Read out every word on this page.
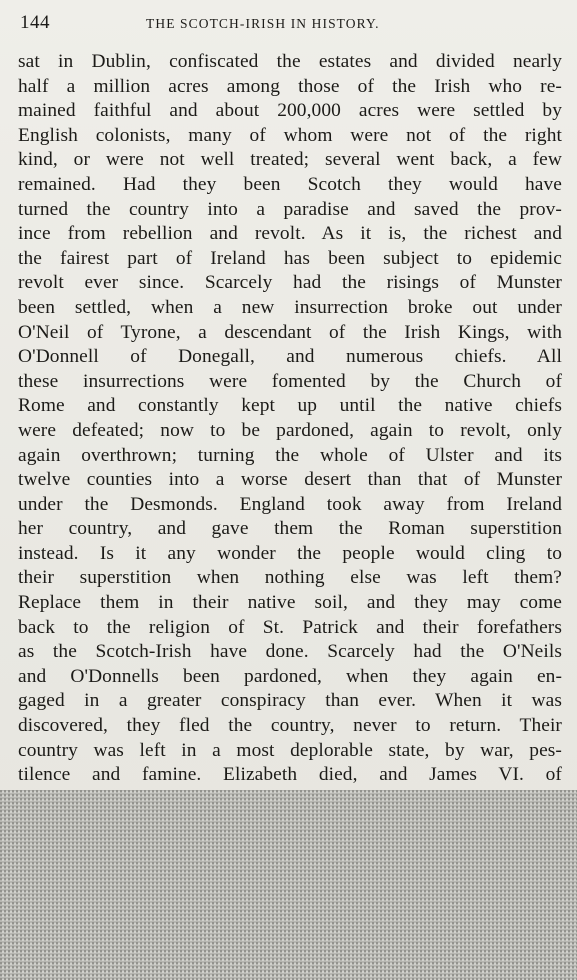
144	THE SCOTCH-IRISH IN HISTORY.
sat in Dublin, confiscated the estates and divided nearly
half a million acres among those of the Irish who re-
mained faithful and about 200,000 acres were settled by
English colonists, many of whom were not of the right
kind, or were not well treated; several went back, a few
remained. Had they been Scotch they would have
turned the country into a paradise and saved the prov-
ince from rebellion and revolt. As it is, the richest and
the fairest part of Ireland has been subject to epidemic
revolt ever since. Scarcely had the risings of Munster
been settled, when a new insurrection broke out under
O'Neil of Tyrone, a descendant of the Irish Kings, with
O'Donnell of Donegall, and numerous chiefs. All
these insurrections were fomented by the Church of
Rome and constantly kept up until the native chiefs
were defeated; now to be pardoned, again to revolt, only
again overthrown; turning the whole of Ulster and its
twelve counties into a worse desert than that of Munster
under the Desmonds. England took away from Ireland
her country, and gave them the Roman superstition
instead. Is it any wonder the people would cling to
their superstition when nothing else was left them?
Replace them in their native soil, and they may come
back to the religion of St. Patrick and their forefathers
as the Scotch-Irish have done. Scarcely had the O'Neils
and O'Donnells been pardoned, when they again en-
gaged in a greater conspiracy than ever. When it was
discovered, they fled the country, never to return. Their
country was left in a most deplorable state, by war, pes-
tilence and famine. Elizabeth died, and James VI. of
